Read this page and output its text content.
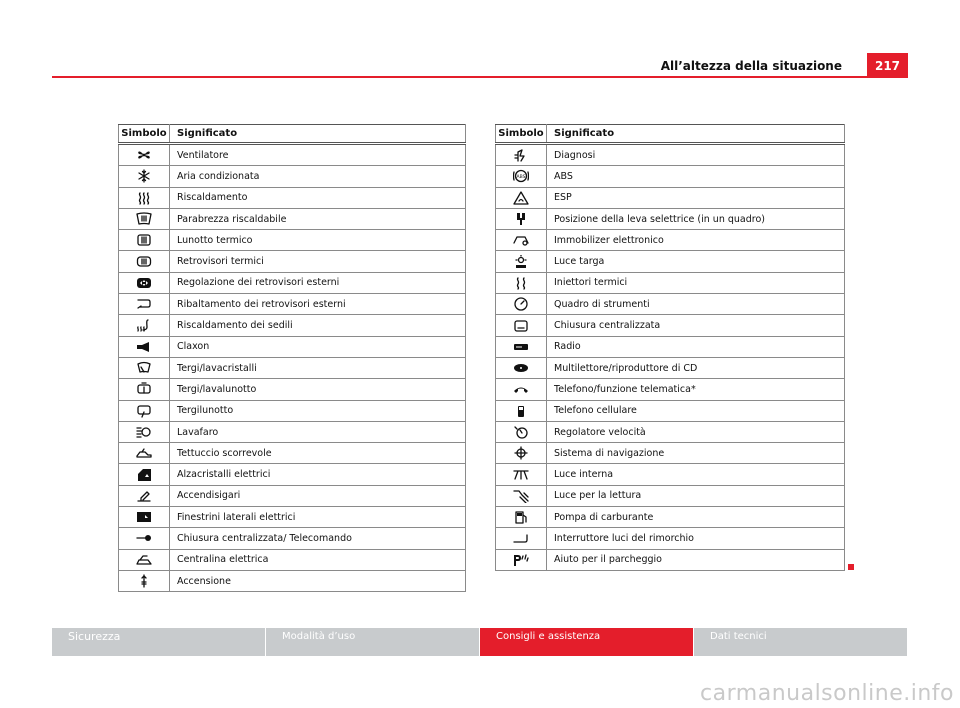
All’altezza della situazione	217
Simbolo	Significato
	Ventilatore
	Aria condizionata
	Riscaldamento
	Parabrezza riscaldabile
	Lunotto termico
	Retrovisori termici
	Regolazione dei retrovisori esterni
	Ribaltamento dei retrovisori esterni
	Riscaldamento dei sedili
	Claxon
	Tergi/lavacristalli
	Tergi/lavalunotto
	Tergilunotto
	Lavafaro
	Tettuccio scorrevole
	Alzacristalli elettrici
	Accendisigari
	Finestrini laterali elettrici
	Chiusura centralizzata/ Telecomando
	Centralina elettrica
	Accensione
Simbolo	Significato
	Diagnosi

ABS	ABS
	ESP
	Posizione della leva selettrice (in un quadro)
	Immobilizer elettronico
	Luce targa
	Iniettori termici
	Quadro di strumenti
	Chiusura centralizzata
	Radio
	Multilettore/riproduttore di CD
	Telefono/funzione telematica*
	Telefono cellulare
	Regolatore velocità
	Sistema di navigazione
	Luce interna
	Luce per la lettura
	Pompa di carburante
	Interruttore luci del rimorchio
	Aiuto per il parcheggio
Sicurezza	Modalità d’uso	Consigli e assistenza	Dati tecnici
carmanualsonline.info
